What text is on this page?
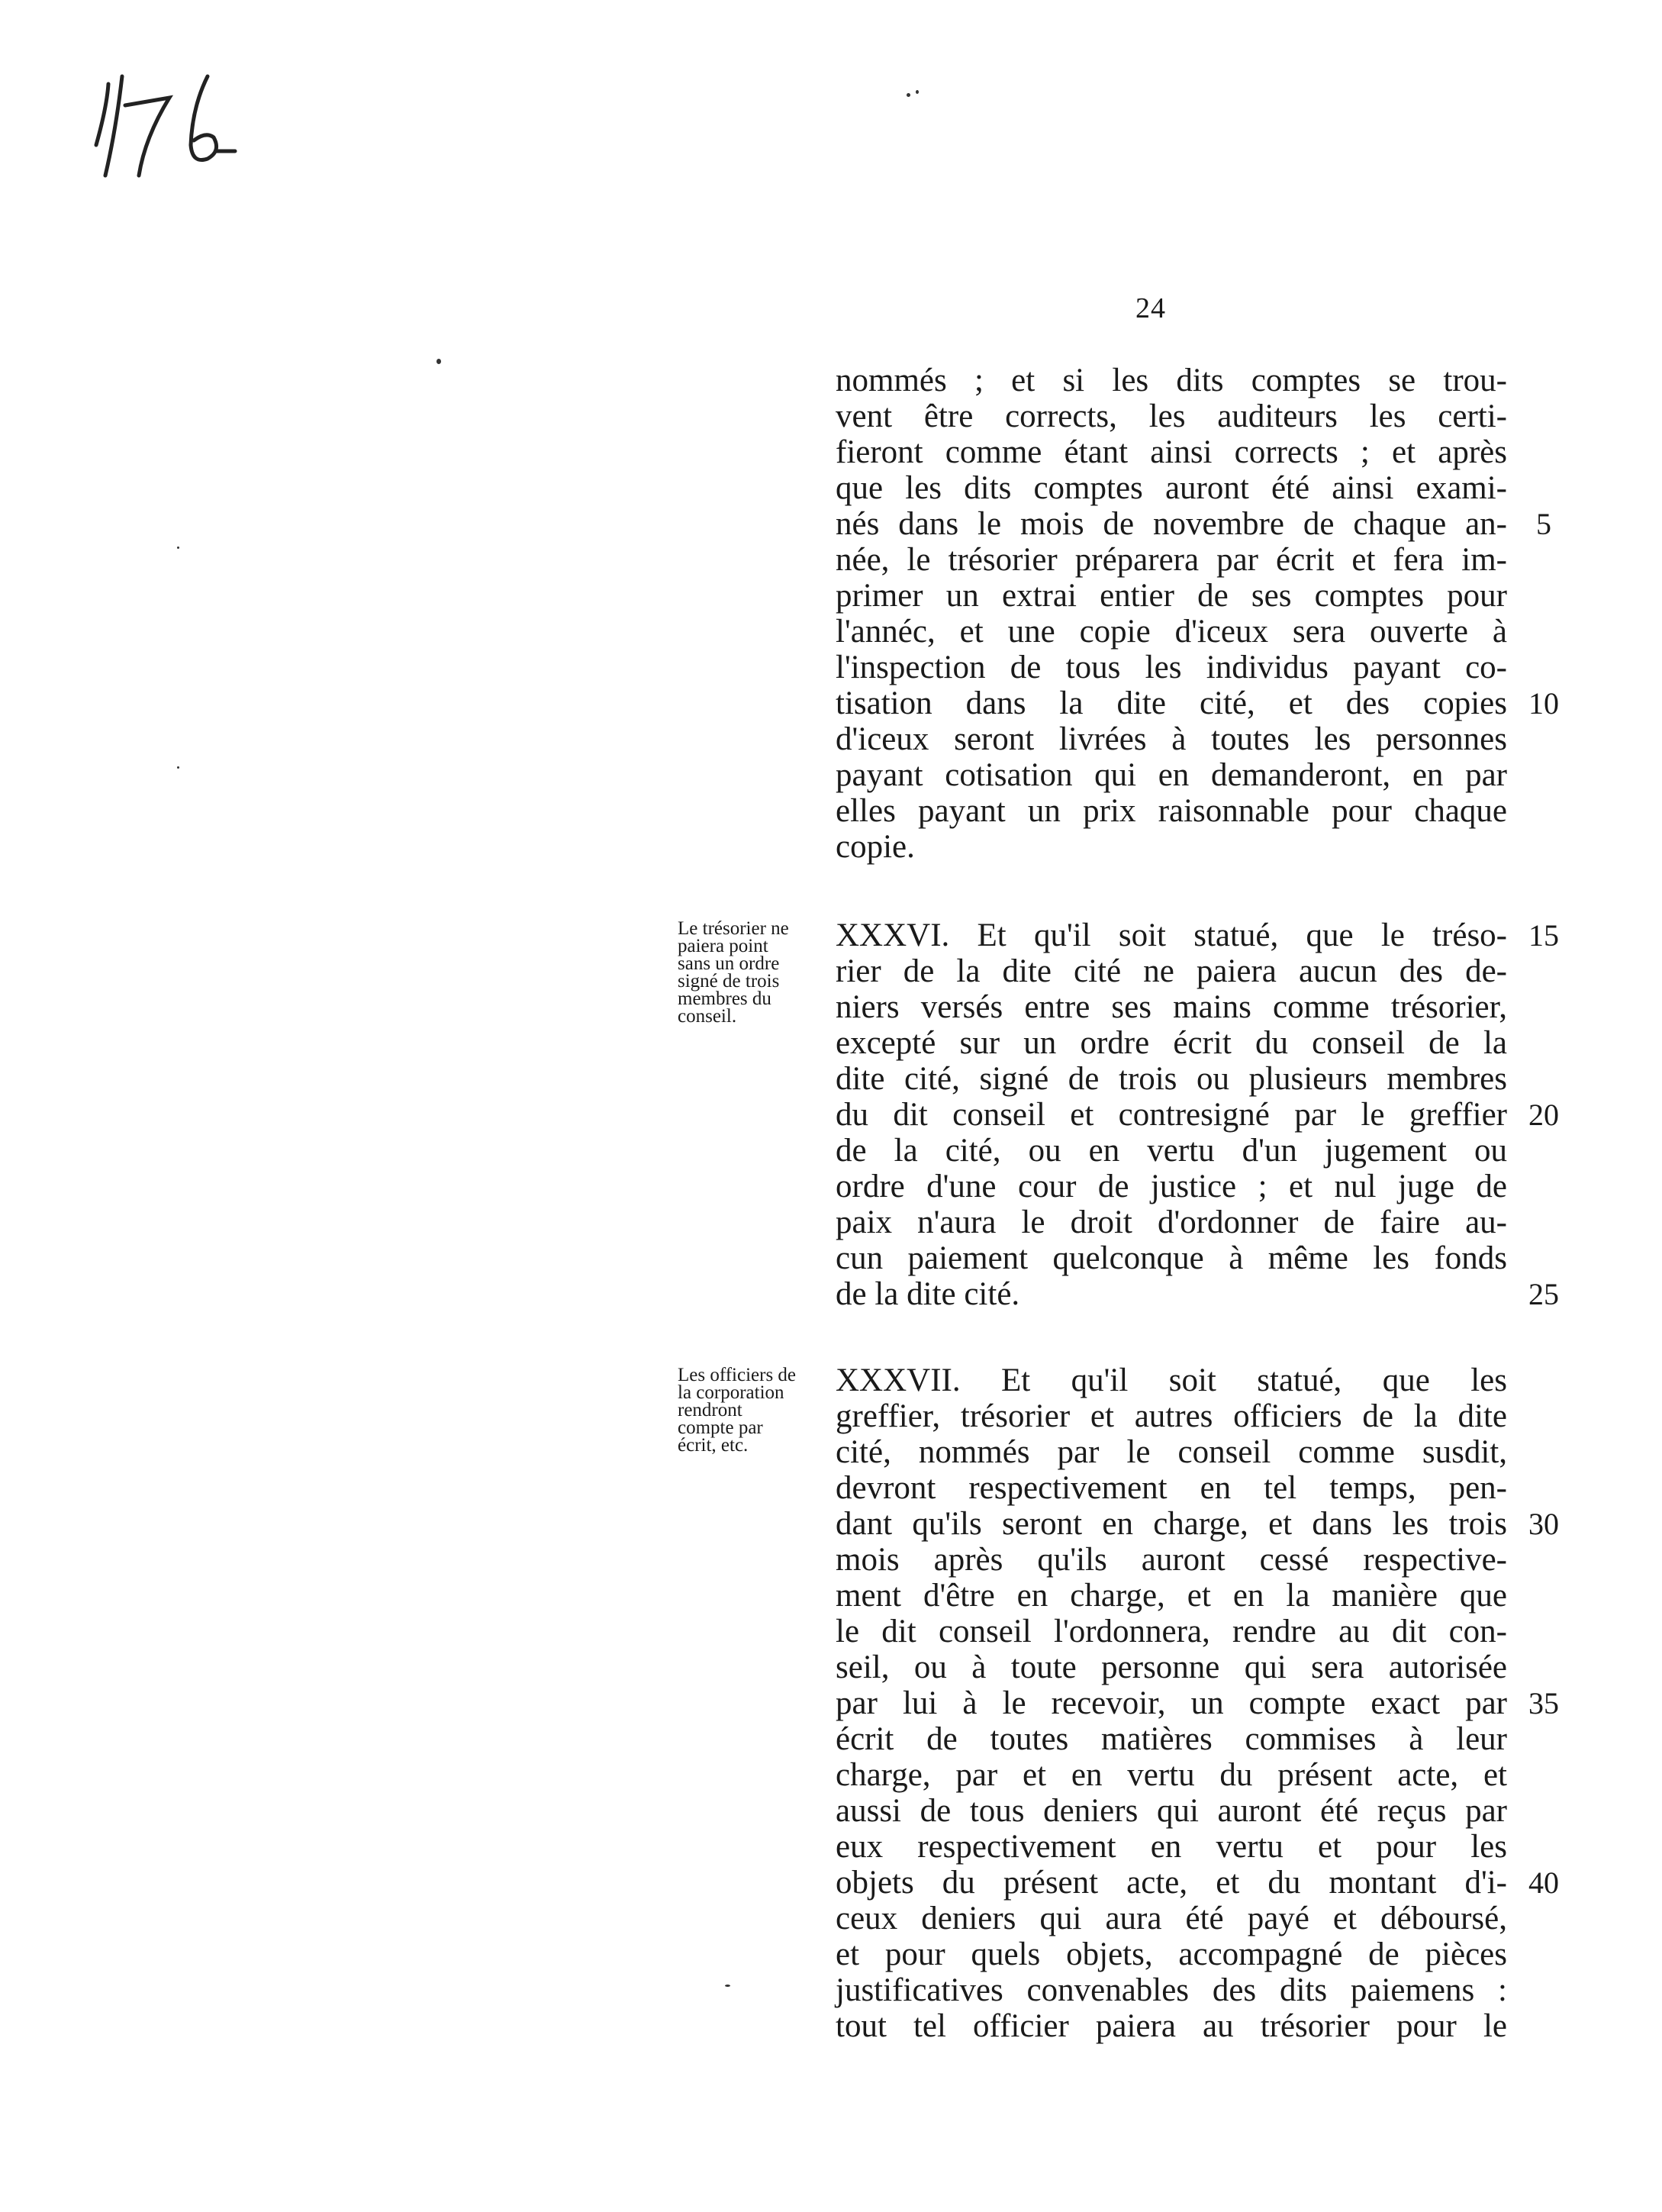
24
nommés ; et si les dits comptes se trou-
vent être corrects, les auditeurs les certi-
fieront comme étant ainsi corrects ; et après
que les dits comptes auront été ainsi exami-
nés dans le mois de novembre de chaque an-
née, le trésorier préparera par écrit et fera im-
primer un extrai entier de ses comptes pour
l'annéc, et une copie d'iceux sera ouverte à
l'inspection de tous les individus payant co-
tisation dans la dite cité, et des copies
d'iceux seront livrées à toutes les personnes
payant cotisation qui en demanderont, en par
elles payant un prix raisonnable pour chaque
copie.
Le trésorier ne
paiera point
sans un ordre
signé de trois
membres du
conseil.
XXXVI. Et qu'il soit statué, que le tréso-
rier de la dite cité ne paiera aucun des de-
niers versés entre ses mains comme trésorier,
excepté sur un ordre écrit du conseil de la
dite cité, signé de trois ou plusieurs membres
du dit conseil et contresigné par le greffier
de la cité, ou en vertu d'un jugement ou
ordre d'une cour de justice ; et nul juge de
paix n'aura le droit d'ordonner de faire au-
cun paiement quelconque à même les fonds
de la dite cité.
Les officiers de
la corporation
rendront
compte par
écrit, etc.
XXXVII. Et qu'il soit statué, que les
greffier, trésorier et autres officiers de la dite
cité, nommés par le conseil comme susdit,
devront respectivement en tel temps, pen-
dant qu'ils seront en charge, et dans les trois
mois après qu'ils auront cessé respective-
ment d'être en charge, et en la manière que
le dit conseil l'ordonnera, rendre au dit con-
seil, ou à toute personne qui sera autorisée
par lui à le recevoir, un compte exact par
écrit de toutes matières commises à leur
charge, par et en vertu du présent acte, et
aussi de tous deniers qui auront été reçus par
eux respectivement en vertu et pour les
objets du présent acte, et du montant d'i-
ceux deniers qui aura été payé et déboursé,
et pour quels objets, accompagné de pièces
justificatives convenables des dits paiemens :
tout tel officier paiera au trésorier pour le
5
10
15
20
25
30
35
40
